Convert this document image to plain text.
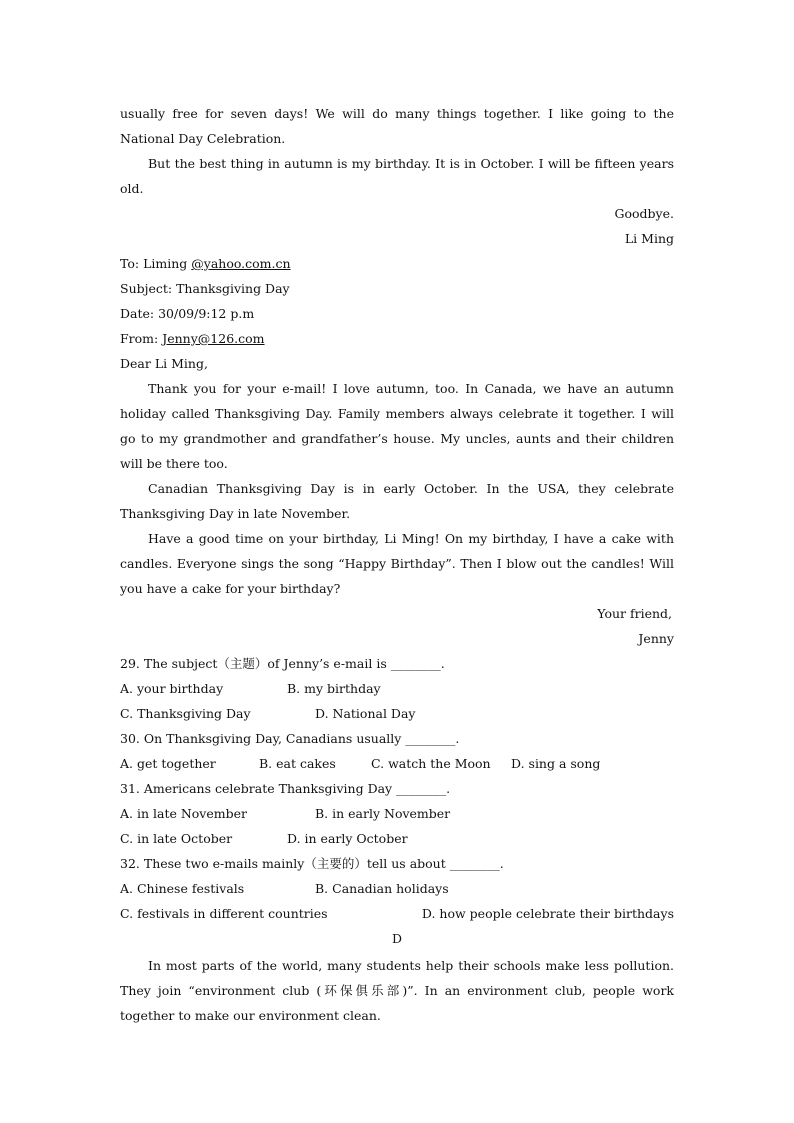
usually free for seven days! We will do many things together. I like going to the National Day Celebration.

But the best thing in autumn is my birthday. It is in October. I will be fifteen years old.

Goodbye.

Li Ming

To: Liming @yahoo.com.cn

Subject: Thanksgiving Day

Date: 30/09/9:12 p.m

From: Jenny@126.com

Dear Li Ming,

Thank you for your e-mail! I love autumn, too. In Canada, we have an autumn holiday called Thanksgiving Day. Family members always celebrate it together. I will go to my grandmother and grandfather’s house. My uncles, aunts and their children will be there too.

Canadian Thanksgiving Day is in early October. In the USA, they celebrate Thanksgiving Day in late November.

Have a good time on your birthday, Li Ming! On my birthday, I have a cake with candles. Everyone sings the song “Happy Birthday”. Then I blow out the candles! Will you have a cake for your birthday?

Your friend,

Jenny

29. The subject（主题）of Jenny’s e-mail is ________.

A. your birthday	B. my birthday
C. Thanksgiving Day	D. National Day

30. On Thanksgiving Day, Canadians usually ________.

A. get together	B. eat cakes	C. watch the Moon	D. sing a song

31. Americans celebrate Thanksgiving Day ________.

A. in late November	B. in early November
C. in late October	D. in early October

32. These two e-mails mainly（主要的）tell us about ________.

A. Chinese festivals	B. Canadian holidays
C. festivals in different countries	D. how people celebrate their birthdays

D

In most parts of the world, many students help their schools make less pollution. They join “environment club (环保俱乐部)”. In an environment club, people work together to make our environment clean.
